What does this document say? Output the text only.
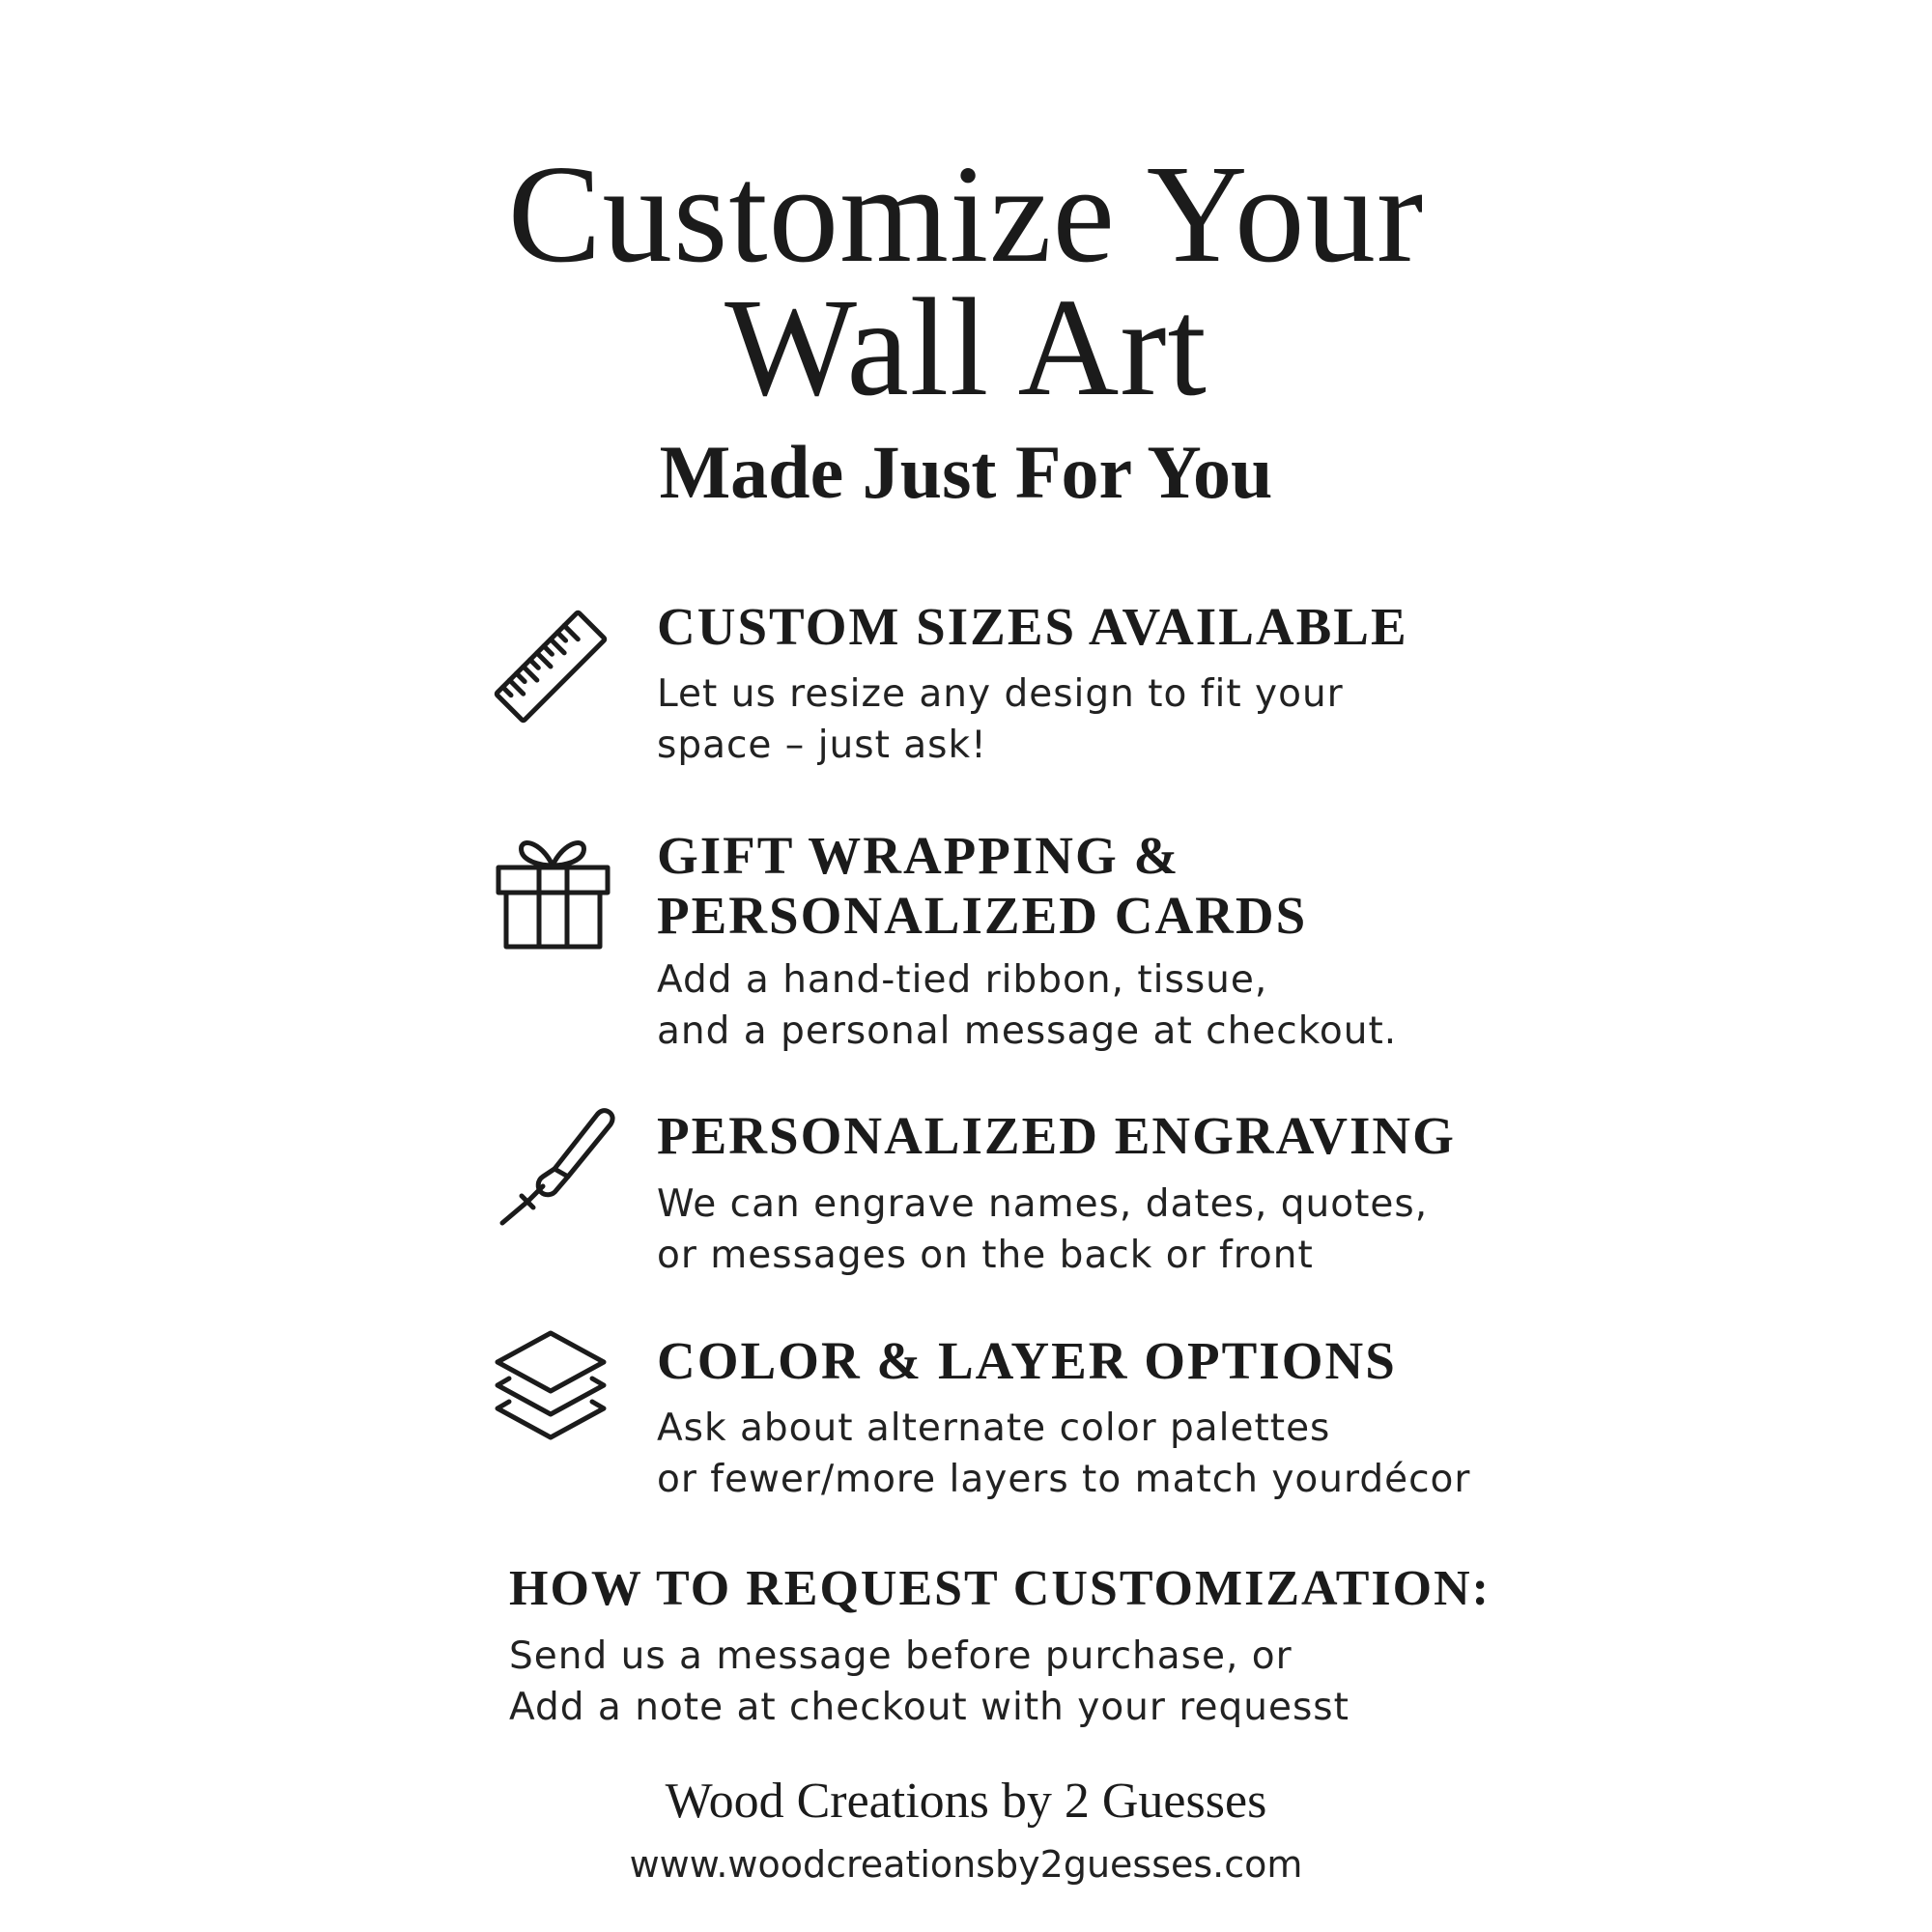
Customize Your
Wall Art
Made Just For You
CUSTOM SIZES AVAILABLE
Let us resize any design to fit your
space – just ask!
GIFT WRAPPING &
PERSONALIZED CARDS
Add a hand-tied ribbon, tissue,
and a personal message at checkout.
PERSONALIZED ENGRAVING
We can engrave names, dates, quotes,
or messages on the back or front
COLOR & LAYER OPTIONS
Ask about alternate color palettes
or fewer/more layers to match yourdécor
HOW TO REQUEST CUSTOMIZATION:
Send us a message before purchase, or
Add a note at checkout with your requesst
Wood Creations by 2 Guesses
www.woodcreationsby2guesses.com
